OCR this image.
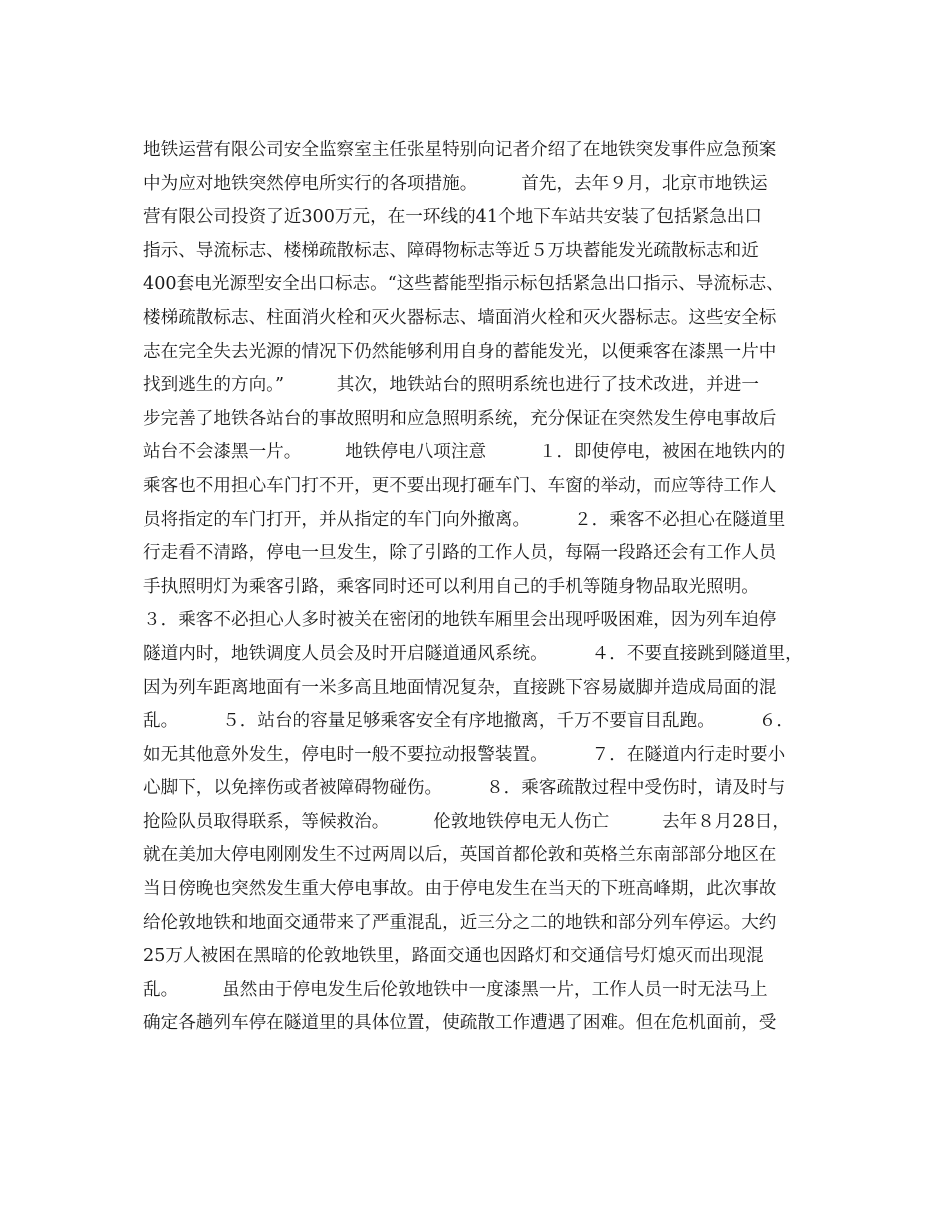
地铁运营有限公司安全监察室主任张星特别向记者介绍了在地铁突发事件应急预案
中为应对地铁突然停电所实行的各项措施。　　　首先，去年９月，北京市地铁运
营有限公司投资了近300万元，在一环线的41个地下车站共安装了包括紧急出口
指示、导流标志、楼梯疏散标志、障碍物标志等近５万块蓄能发光疏散标志和近
400套电光源型安全出口标志。“这些蓄能型指示标包括紧急出口指示、导流标志、
楼梯疏散标志、柱面消火栓和灭火器标志、墙面消火栓和灭火器标志。这些安全标
志在完全失去光源的情况下仍然能够利用自身的蓄能发光，以便乘客在漆黑一片中
找到逃生的方向。”　　　其次，地铁站台的照明系统也进行了技术改进，并进一
步完善了地铁各站台的事故照明和应急照明系统，充分保证在突然发生停电事故后
站台不会漆黑一片。　　　地铁停电八项注意　　　１．即使停电，被困在地铁内的
乘客也不用担心车门打不开，更不要出现打砸车门、车窗的举动，而应等待工作人
员将指定的车门打开，并从指定的车门向外撤离。　　　２．乘客不必担心在隧道里
行走看不清路，停电一旦发生，除了引路的工作人员，每隔一段路还会有工作人员
手执照明灯为乘客引路，乘客同时还可以利用自己的手机等随身物品取光照明。
３．乘客不必担心人多时被关在密闭的地铁车厢里会出现呼吸困难，因为列车迫停
隧道内时，地铁调度人员会及时开启隧道通风系统。　　　４．不要直接跳到隧道里，
因为列车距离地面有一米多高且地面情况复杂，直接跳下容易崴脚并造成局面的混
乱。　　　５．站台的容量足够乘客安全有序地撤离，千万不要盲目乱跑。　　　６．
如无其他意外发生，停电时一般不要拉动报警装置。　　　７．在隧道内行走时要小
心脚下，以免摔伤或者被障碍物碰伤。　　　８．乘客疏散过程中受伤时，请及时与
抢险队员取得联系，等候救治。　　　伦敦地铁停电无人伤亡　　　去年８月28日，
就在美加大停电刚刚发生不过两周以后，英国首都伦敦和英格兰东南部部分地区在
当日傍晚也突然发生重大停电事故。由于停电发生在当天的下班高峰期，此次事故
给伦敦地铁和地面交通带来了严重混乱，近三分之二的地铁和部分列车停运。大约
25万人被困在黑暗的伦敦地铁里，路面交通也因路灯和交通信号灯熄灭而出现混
乱。　　　虽然由于停电发生后伦敦地铁中一度漆黑一片，工作人员一时无法马上
确定各趟列车停在隧道里的具体位置，使疏散工作遭遇了困难。但在危机面前，受
